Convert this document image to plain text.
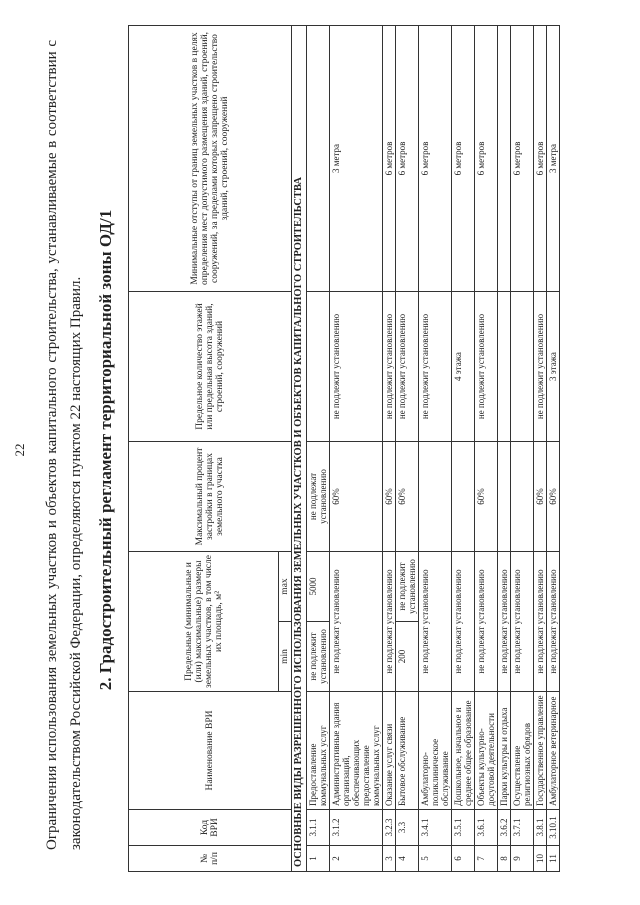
22 Ограничения использования земельных участков и объектов капитального строительства, устанавливаемые в соответствии с законодательством Российской Федерации, определяются пунктом 22 настоящих Правил. 2. Градостроительный регламент территориальной зоны ОД/1
№ п/п	Код ВРИ	Наименование ВРИ	Предельные (минимальные и (или) максимальные) размеры земельных участков, в том числе их площадь, м²		Максимальный процент застройки в границах земельного участка	Предельное количество этажей или предельная высота зданий, строений, сооружений	Минимальные отступы от границ земельных участков в целях определения мест допустимого размещения зданий, строений, сооружений, за пределами которых запрещено строительство зданий, строений, сооружений
			min	max			
ОСНОВНЫЕ ВИДЫ РАЗРЕШЕННОГО ИСПОЛЬЗОВАНИЯ ЗЕМЕЛЬНЫХ УЧАСТКОВ И ОБЪЕКТОВ КАПИТАЛЬНОГО СТРОИТЕЛЬСТВА							
1	3.1.1	Предоставление коммунальных услуг	не подлежит установлению	5000	не подлежат установлению		
2	3.1.2	Административные здания организаций, обеспечивающих предоставление коммунальных услуг	не подлежат установлению		60%	не подлежит установлению	3 метра
3	3.2.3	Оказание услуг связи	не подлежат установлению		60%	не подлежит установлению	6 метров
4	3.3	Бытовое обслуживание	200	не подлежит установлению	60%	не подлежит установлению	6 метров
5	3.4.1	Амбулаторно-поликлиническое обслуживание	не подлежат установлению			не подлежит установлению	6 метров
6	3.5.1	Дошкольное, начальное и среднее общее образование	не подлежат установлению			4 этажа	6 метров
7	3.6.1	Объекты культурно-досуговой деятельности	не подлежат установлению		60%	не подлежит установлению	6 метров
8	3.6.2	Парки культуры и отдыха	не подлежат установлению				
9	3.7.1	Осуществление религиозных обрядов	не подлежат установлению				6 метров
10	3.8.1	Государственное управление	не подлежат установлению		60%	не подлежит установлению	6 метров
11	3.10.1	Амбулаторное ветеринарное	не подлежат установлению		60%	3 этажа	3 метра
